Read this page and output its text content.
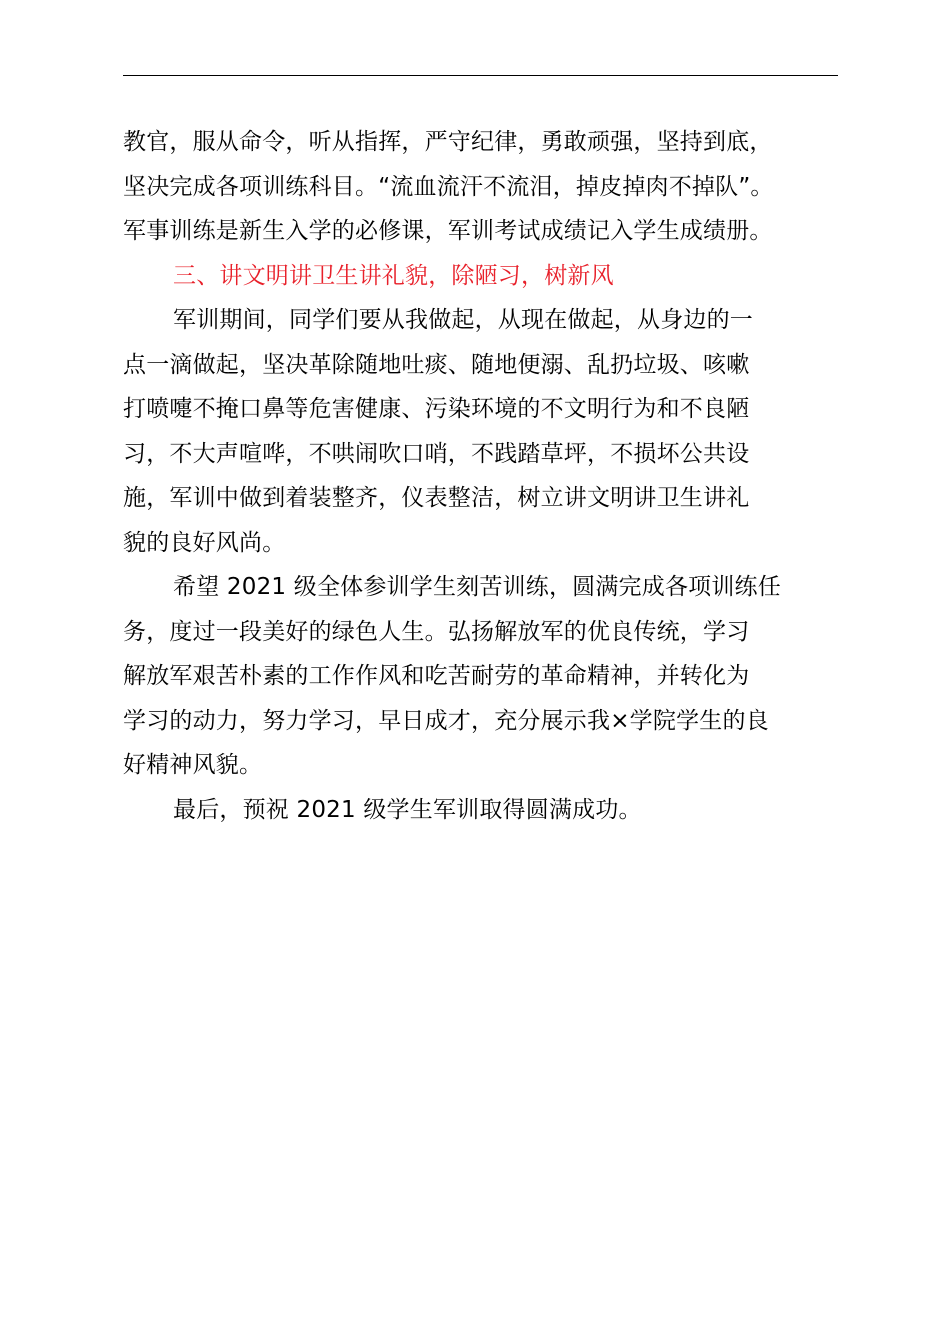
教官，服从命令，听从指挥，严守纪律，勇敢顽强，坚持到底，
坚决完成各项训练科目。“流血流汗不流泪，掉皮掉肉不掉队”。
军事训练是新生入学的必修课，军训考试成绩记入学生成绩册。

三、讲文明讲卫生讲礼貌，除陋习，树新风

军训期间，同学们要从我做起，从现在做起，从身边的一
点一滴做起，坚决革除随地吐痰、随地便溺、乱扔垃圾、咳嗽
打喷嚏不掩口鼻等危害健康、污染环境的不文明行为和不良陋
习，不大声喧哗，不哄闹吹口哨，不践踏草坪，不损坏公共设
施，军训中做到着装整齐，仪表整洁，树立讲文明讲卫生讲礼
貌的良好风尚。

希望 2021 级全体参训学生刻苦训练，圆满完成各项训练任
务，度过一段美好的绿色人生。弘扬解放军的优良传统，学习
解放军艰苦朴素的工作作风和吃苦耐劳的革命精神，并转化为
学习的动力，努力学习，早日成才，充分展示我×学院学生的良
好精神风貌。

最后，预祝 2021 级学生军训取得圆满成功。
